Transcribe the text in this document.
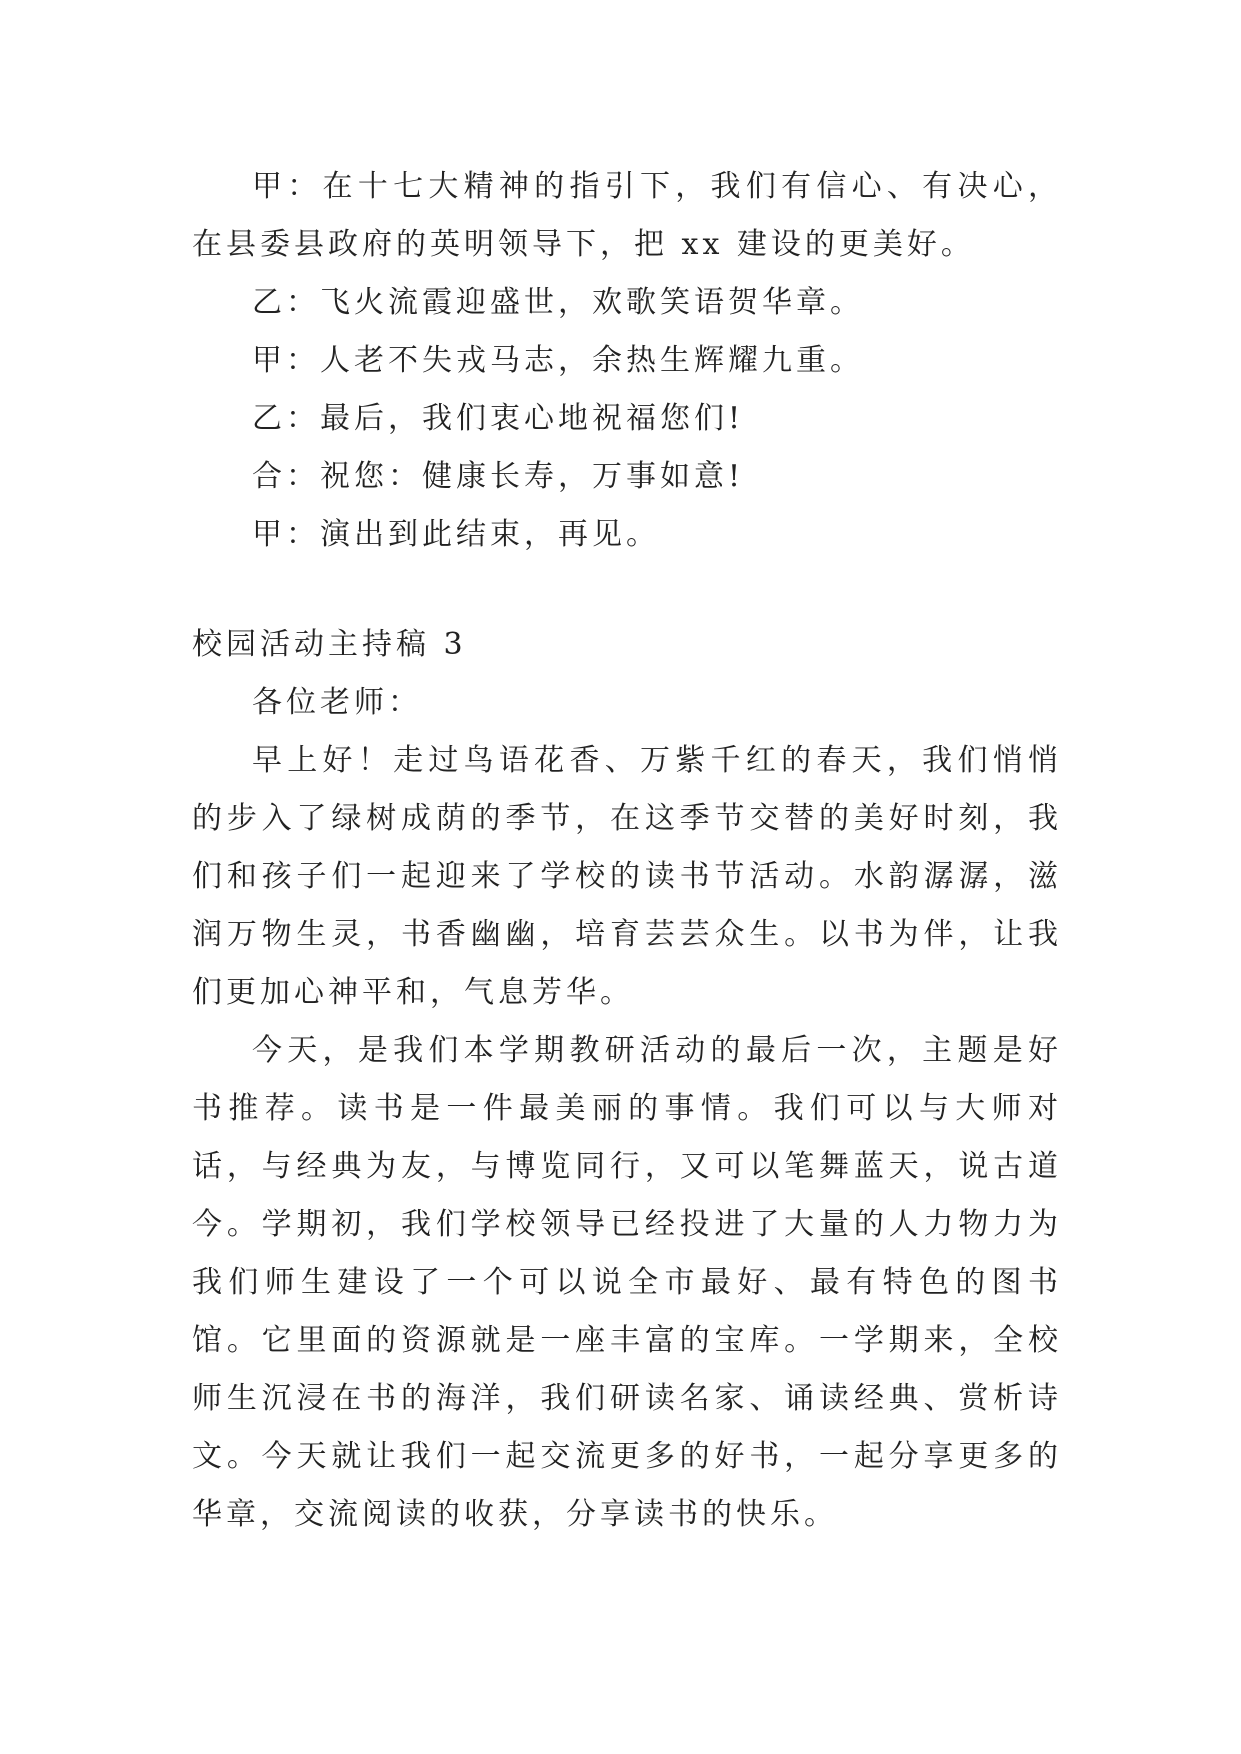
甲：在十七大精神的指引下，我们有信心、有决心，在县委县政府的英明领导下，把 xx 建设的更美好。

乙：飞火流霞迎盛世，欢歌笑语贺华章。

甲：人老不失戎马志，余热生辉耀九重。

乙：最后，我们衷心地祝福您们!

合：祝您：健康长寿，万事如意!

甲：演出到此结束，再见。

校园活动主持稿 3

各位老师：

早上好！走过鸟语花香、万紫千红的春天，我们悄悄的步入了绿树成荫的季节，在这季节交替的美好时刻，我们和孩子们一起迎来了学校的读书节活动。水韵潺潺，滋润万物生灵，书香幽幽，培育芸芸众生。以书为伴，让我们更加心神平和，气息芳华。

今天，是我们本学期教研活动的最后一次，主题是好书推荐。读书是一件最美丽的事情。我们可以与大师对话，与经典为友，与博览同行，又可以笔舞蓝天，说古道今。学期初，我们学校领导已经投进了大量的人力物力为我们师生建设了一个可以说全市最好、最有特色的图书馆。它里面的资源就是一座丰富的宝库。一学期来，全校师生沉浸在书的海洋，我们研读名家、诵读经典、赏析诗文。今天就让我们一起交流更多的好书，一起分享更多的华章，交流阅读的收获，分享读书的快乐。
